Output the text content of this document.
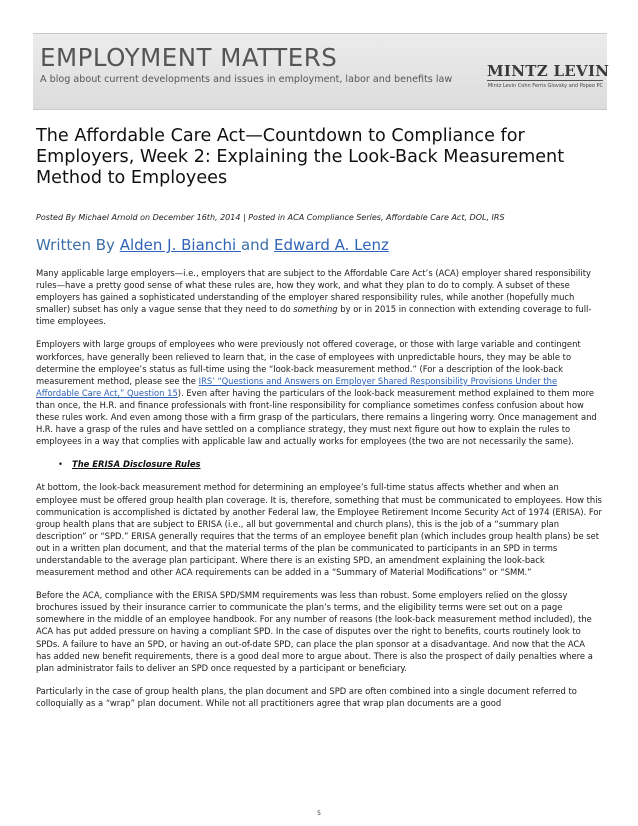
EMPLOYMENT MATTERS
A blog about current developments and issues in employment, labor and benefits law MINTZ LEVIN
Mintz Levin Cohn Ferris Glovsky and Popeo PC
The Affordable Care Act—Countdown to Compliance for Employers, Week 2: Explaining the Look-Back Measurement Method to Employees
Posted By Michael Arnold on December 16th, 2014 | Posted in ACA Compliance Series, Affordable Care Act, DOL, IRS
Written By Alden J. Bianchi and Edward A. Lenz

Many applicable large employers—i.e., employers that are subject to the Affordable Care Act’s (ACA) employer shared responsibility rules—have a pretty good sense of what these rules are, how they work, and what they plan to do to comply. A subset of these employers has gained a sophisticated understanding of the employer shared responsibility rules, while another (hopefully much smaller) subset has only a vague sense that they need to do something by or in 2015 in connection with extending coverage to full-time employees.

Employers with large groups of employees who were previously not offered coverage, or those with large variable and contingent workforces, have generally been relieved to learn that, in the case of employees with unpredictable hours, they may be able to determine the employee’s status as full-time using the “look-back measurement method.” (For a description of the look-back measurement method, please see the IRS’ “Questions and Answers on Employer Shared Responsibility Provisions Under the Affordable Care Act,” Question 15). Even after having the particulars of the look-back measurement method explained to them more than once, the H.R. and finance professionals with front-line responsibility for compliance sometimes confess confusion about how these rules work. And even among those with a firm grasp of the particulars, there remains a lingering worry. Once management and H.R. have a grasp of the rules and have settled on a compliance strategy, they must next figure out how to explain the rules to employees in a way that complies with applicable law and actually works for employees (the two are not necessarily the same).

• The ERISA Disclosure Rules

At bottom, the look-back measurement method for determining an employee’s full-time status affects whether and when an employee must be offered group health plan coverage. It is, therefore, something that must be communicated to employees. How this communication is accomplished is dictated by another Federal law, the Employee Retirement Income Security Act of 1974 (ERISA). For group health plans that are subject to ERISA (i.e., all but governmental and church plans), this is the job of a “summary plan description” or “SPD.” ERISA generally requires that the terms of an employee benefit plan (which includes group health plans) be set out in a written plan document, and that the material terms of the plan be communicated to participants in an SPD in terms understandable to the average plan participant. Where there is an existing SPD, an amendment explaining the look-back measurement method and other ACA requirements can be added in a “Summary of Material Modifications” or “SMM.”

Before the ACA, compliance with the ERISA SPD/SMM requirements was less than robust. Some employers relied on the glossy brochures issued by their insurance carrier to communicate the plan’s terms, and the eligibility terms were set out on a page somewhere in the middle of an employee handbook. For any number of reasons (the look-back measurement method included), the ACA has put added pressure on having a compliant SPD. In the case of disputes over the right to benefits, courts routinely look to SPDs. A failure to have an SPD, or having an out-of-date SPD, can place the plan sponsor at a disadvantage. And now that the ACA has added new benefit requirements, there is a good deal more to argue about. There is also the prospect of daily penalties where a plan administrator fails to deliver an SPD once requested by a participant or beneficiary.

Particularly in the case of group health plans, the plan document and SPD are often combined into a single document referred to colloquially as a “wrap” plan document. While not all practitioners agree that wrap plan documents are a good

5
